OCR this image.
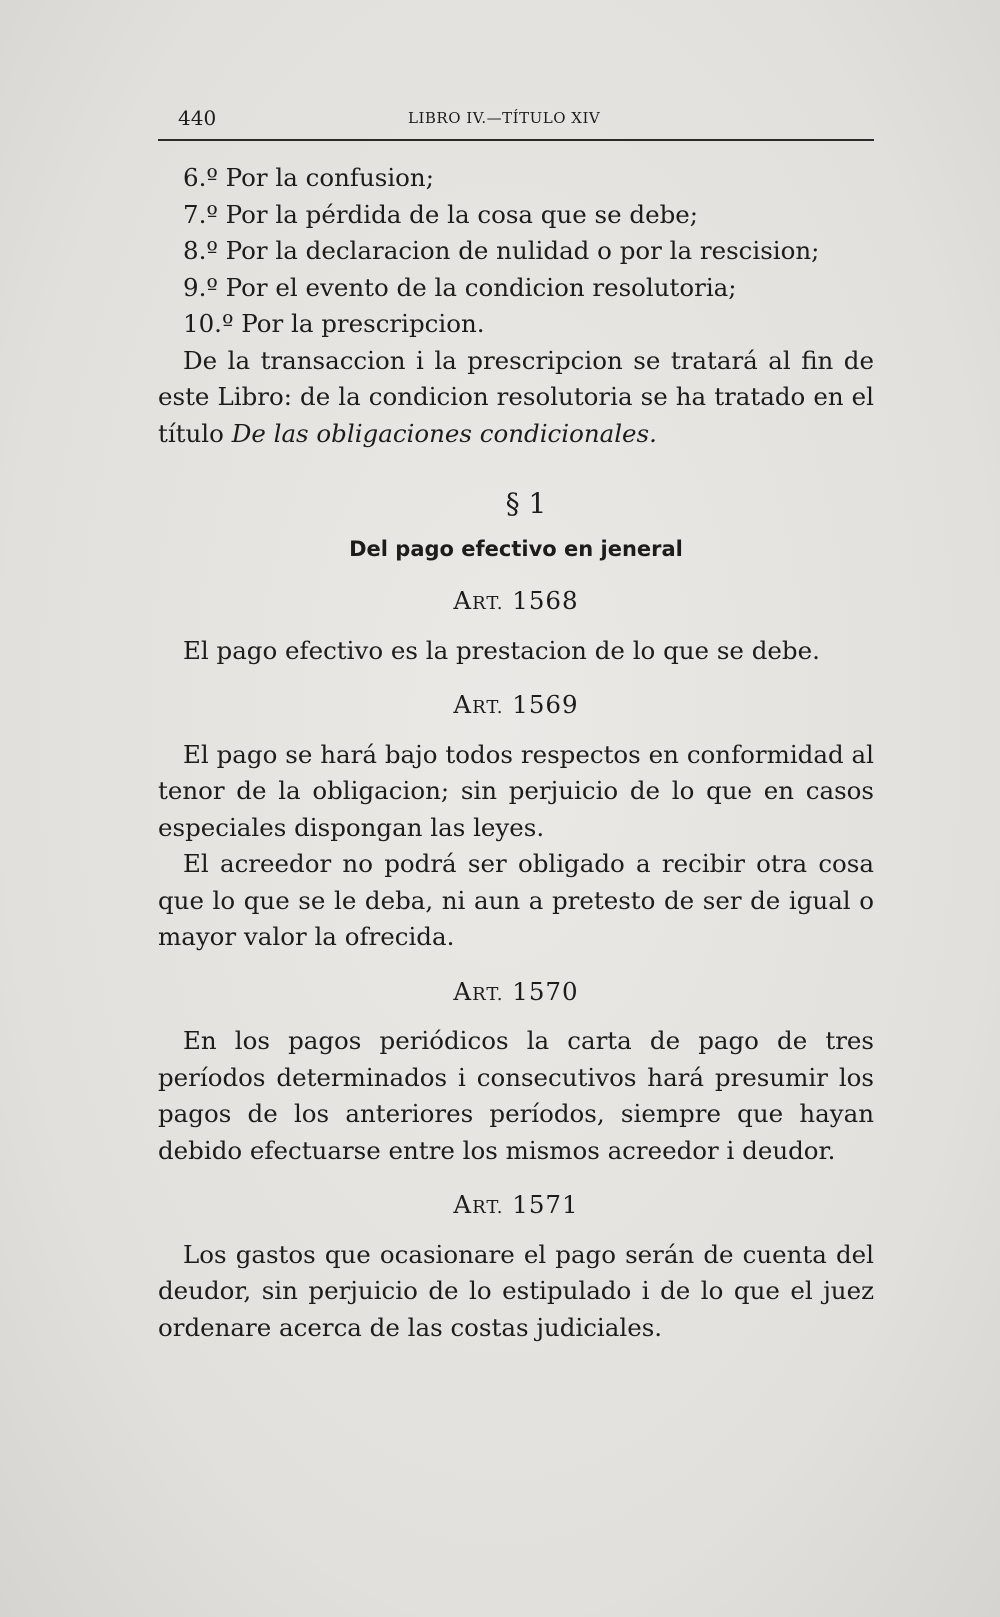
440	LIBRO IV.—TÍTULO XIV

6.º Por la confusion;

7.º Por la pérdida de la cosa que se debe;

8.º Por la declaracion de nulidad o por la rescision;

9.º Por el evento de la condicion resolutoria;

10.º Por la prescripcion.

De la transaccion i la prescripcion se tratará al fin de este Libro: de la condicion resolutoria se ha tratado en el título De las obligaciones condicionales.

§ 1
Del pago efectivo en jeneral
ART. 1568

El pago efectivo es la prestacion de lo que se debe.

ART. 1569

El pago se hará bajo todos respectos en conformidad al tenor de la obligacion; sin perjuicio de lo que en casos especiales dispongan las leyes.

El acreedor no podrá ser obligado a recibir otra cosa que lo que se le deba, ni aun a pretesto de ser de igual o mayor valor la ofrecida.

ART. 1570

En los pagos periódicos la carta de pago de tres períodos determinados i consecutivos hará presumir los pagos de los anteriores períodos, siempre que hayan debido efectuarse entre los mismos acreedor i deudor.

ART. 1571

Los gastos que ocasionare el pago serán de cuenta del deudor, sin perjuicio de lo estipulado i de lo que el juez ordenare acerca de las costas judiciales.
